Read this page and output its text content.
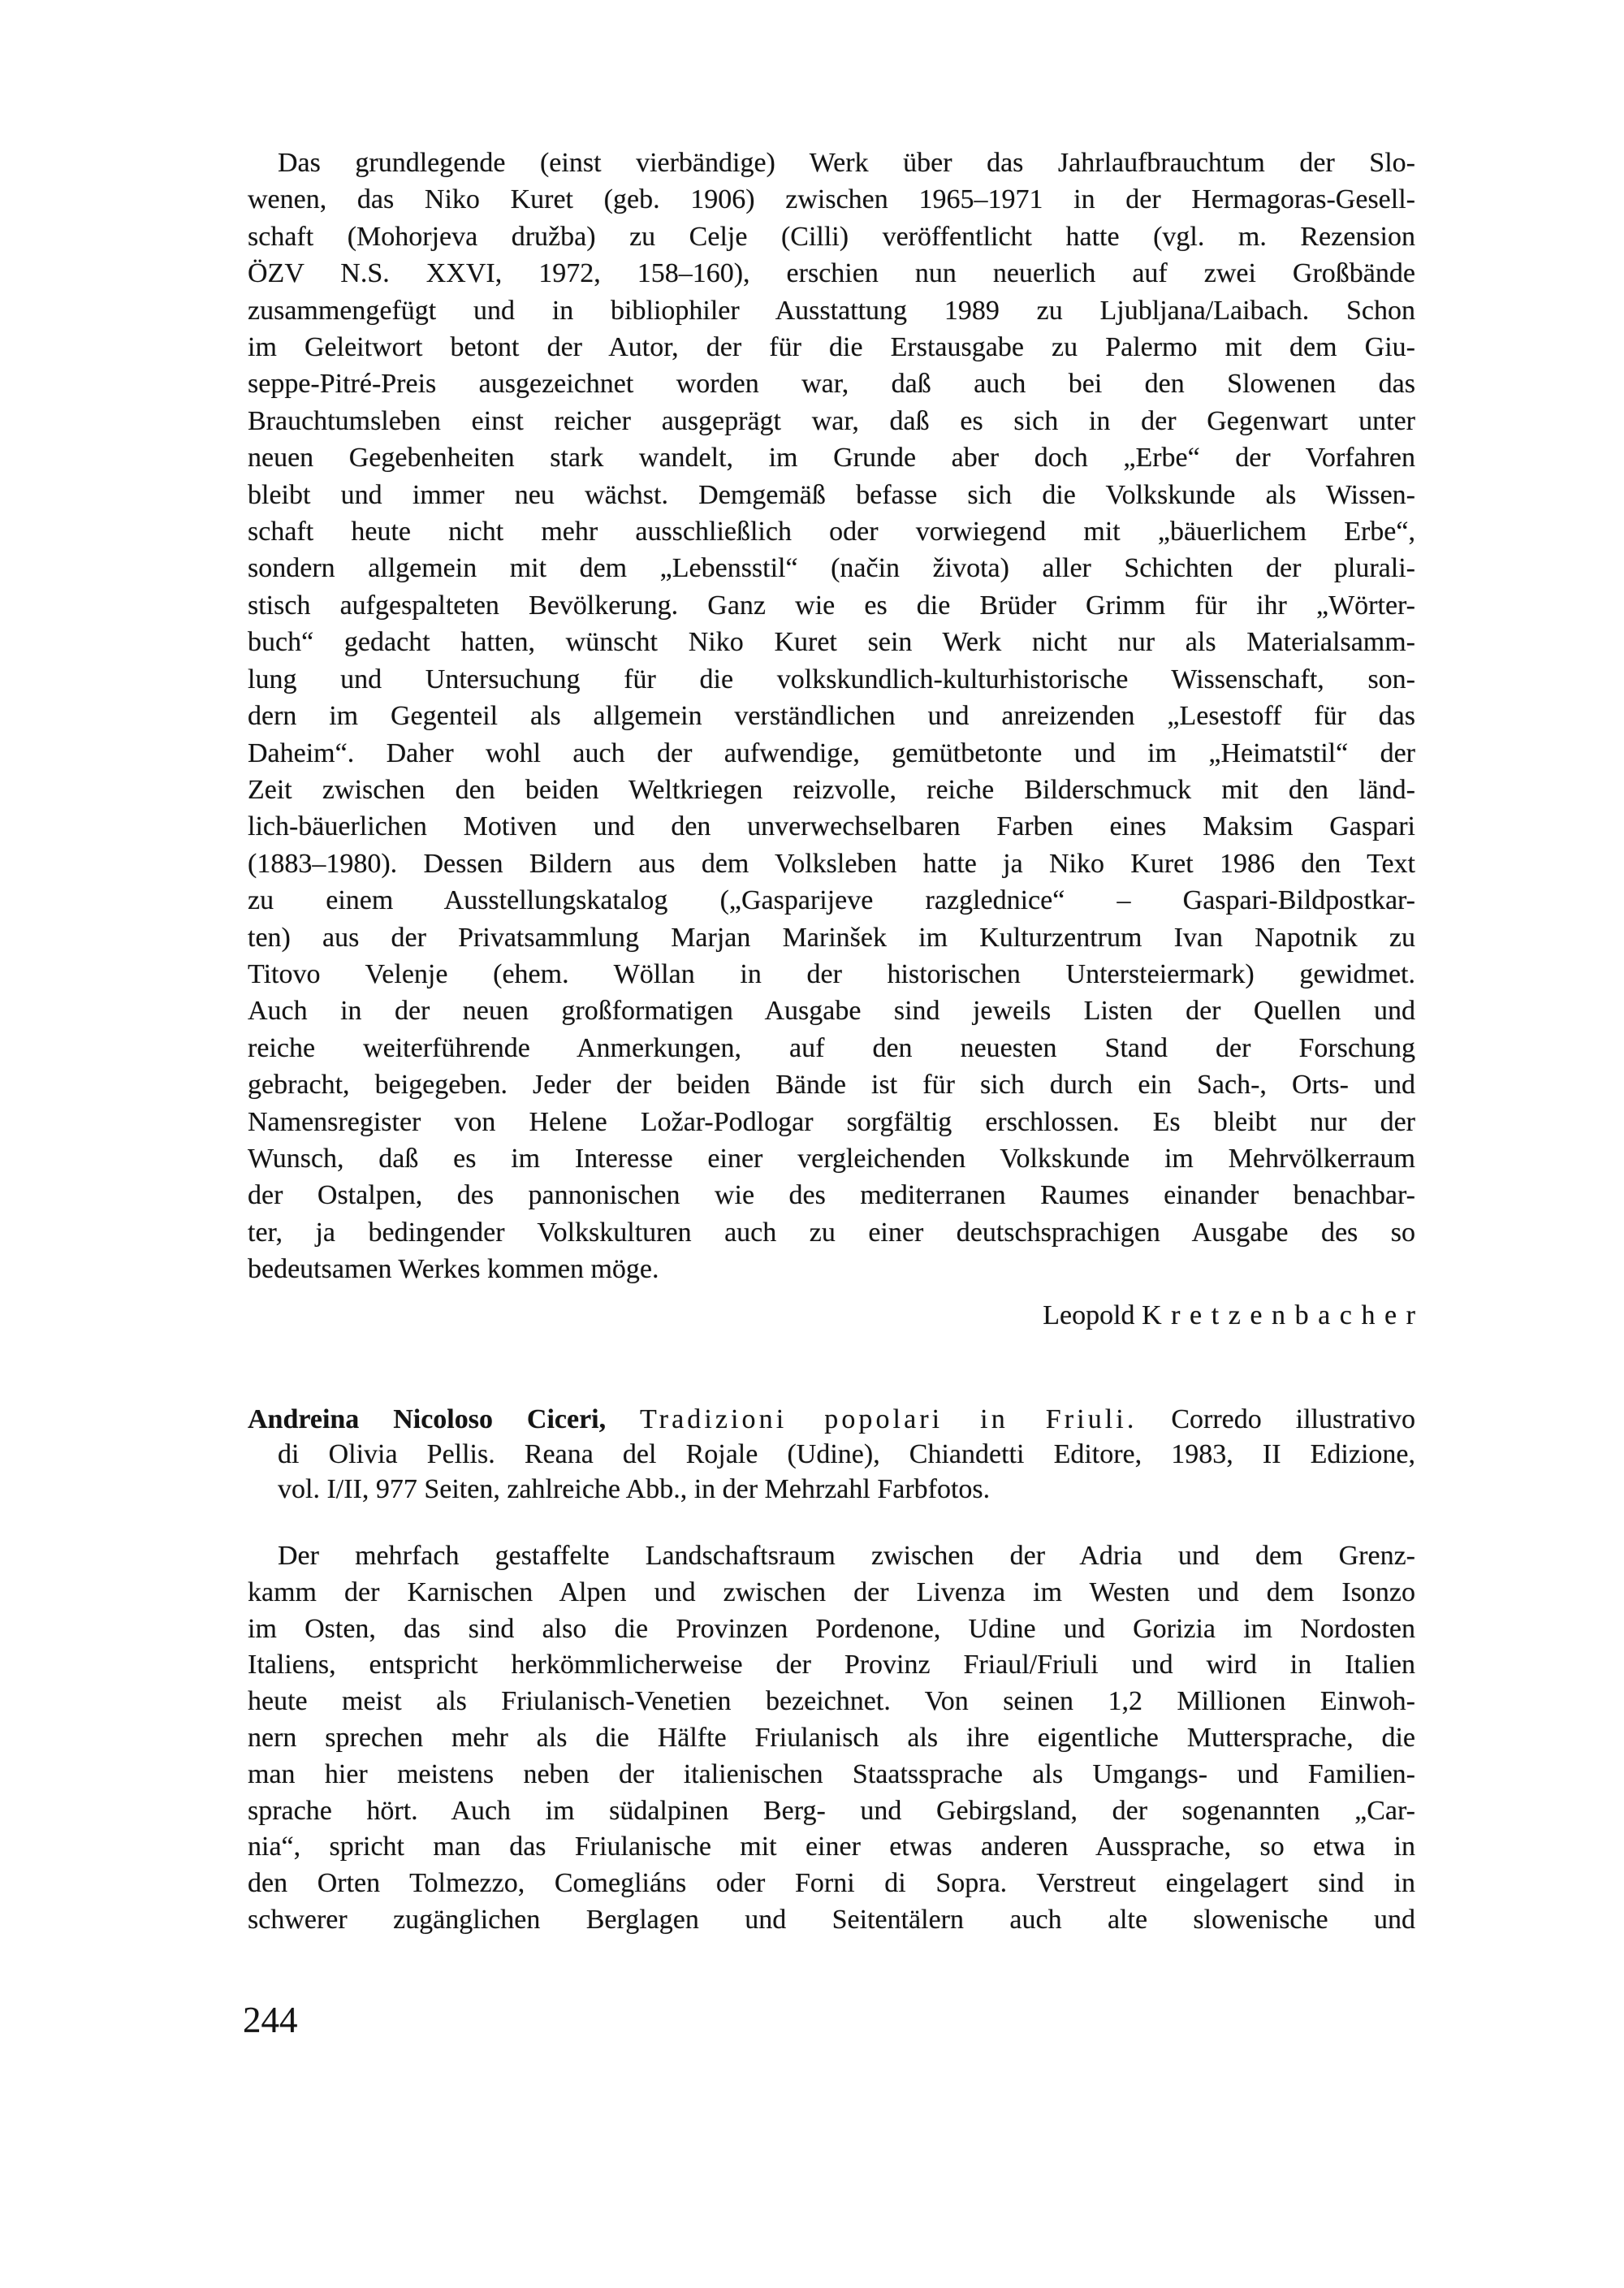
Das grundlegende (einst vierbändige) Werk über das Jahrlaufbrauchtum der Slo-
wenen, das Niko Kuret (geb. 1906) zwischen 1965–1971 in der Hermagoras-Gesell-
schaft (Mohorjeva družba) zu Celje (Cilli) veröffentlicht hatte (vgl. m. Rezension
ÖZV N.S. XXVI, 1972, 158–160), erschien nun neuerlich auf zwei Großbände
zusammengefügt und in bibliophiler Ausstattung 1989 zu Ljubljana/Laibach. Schon
im Geleitwort betont der Autor, der für die Erstausgabe zu Palermo mit dem Giu-
seppe-Pitré-Preis ausgezeichnet worden war, daß auch bei den Slowenen das
Brauchtumsleben einst reicher ausgeprägt war, daß es sich in der Gegenwart unter
neuen Gegebenheiten stark wandelt, im Grunde aber doch „Erbe“ der Vorfahren
bleibt und immer neu wächst. Demgemäß befasse sich die Volkskunde als Wissen-
schaft heute nicht mehr ausschließlich oder vorwiegend mit „bäuerlichem Erbe“,
sondern allgemein mit dem „Lebensstil“ (način života) aller Schichten der plurali-
stisch aufgespalteten Bevölkerung. Ganz wie es die Brüder Grimm für ihr „Wörter-
buch“ gedacht hatten, wünscht Niko Kuret sein Werk nicht nur als Materialsamm-
lung und Untersuchung für die volkskundlich-kulturhistorische Wissenschaft, son-
dern im Gegenteil als allgemein verständlichen und anreizenden „Lesestoff für das
Daheim“. Daher wohl auch der aufwendige, gemütbetonte und im „Heimatstil“ der
Zeit zwischen den beiden Weltkriegen reizvolle, reiche Bilderschmuck mit den länd-
lich-bäuerlichen Motiven und den unverwechselbaren Farben eines Maksim Gaspari
(1883–1980). Dessen Bildern aus dem Volksleben hatte ja Niko Kuret 1986 den Text
zu einem Ausstellungskatalog („Gasparijeve razglednice“ – Gaspari-Bildpostkar-
ten) aus der Privatsammlung Marjan Marinšek im Kulturzentrum Ivan Napotnik zu
Titovo Velenje (ehem. Wöllan in der historischen Untersteiermark) gewidmet.
Auch in der neuen großformatigen Ausgabe sind jeweils Listen der Quellen und
reiche weiterführende Anmerkungen, auf den neuesten Stand der Forschung
gebracht, beigegeben. Jeder der beiden Bände ist für sich durch ein Sach-, Orts- und
Namensregister von Helene Ložar-Podlogar sorgfältig erschlossen. Es bleibt nur der
Wunsch, daß es im Interesse einer vergleichenden Volkskunde im Mehrvölkerraum
der Ostalpen, des pannonischen wie des mediterranen Raumes einander benachbar-
ter, ja bedingender Volkskulturen auch zu einer deutschsprachigen Ausgabe des so
bedeutsamen Werkes kommen möge.
Leopold Kretzenbacher
Andreina Nicoloso Ciceri, Tradizioni popolari in Friuli. Corredo illustrativo
di Olivia Pellis. Reana del Rojale (Udine), Chiandetti Editore, 1983, II Edizione,
vol. I/II, 977 Seiten, zahlreiche Abb., in der Mehrzahl Farbfotos.
Der mehrfach gestaffelte Landschaftsraum zwischen der Adria und dem Grenz-
kamm der Karnischen Alpen und zwischen der Livenza im Westen und dem Isonzo
im Osten, das sind also die Provinzen Pordenone, Udine und Gorizia im Nordosten
Italiens, entspricht herkömmlicherweise der Provinz Friaul/Friuli und wird in Italien
heute meist als Friulanisch-Venetien bezeichnet. Von seinen 1,2 Millionen Einwoh-
nern sprechen mehr als die Hälfte Friulanisch als ihre eigentliche Muttersprache, die
man hier meistens neben der italienischen Staatssprache als Umgangs- und Familien-
sprache hört. Auch im südalpinen Berg- und Gebirgsland, der sogenannten „Car-
nia“, spricht man das Friulanische mit einer etwas anderen Aussprache, so etwa in
den Orten Tolmezzo, Comegliáns oder Forni di Sopra. Verstreut eingelagert sind in
schwerer zugänglichen Berglagen und Seitentälern auch alte slowenische und
244
